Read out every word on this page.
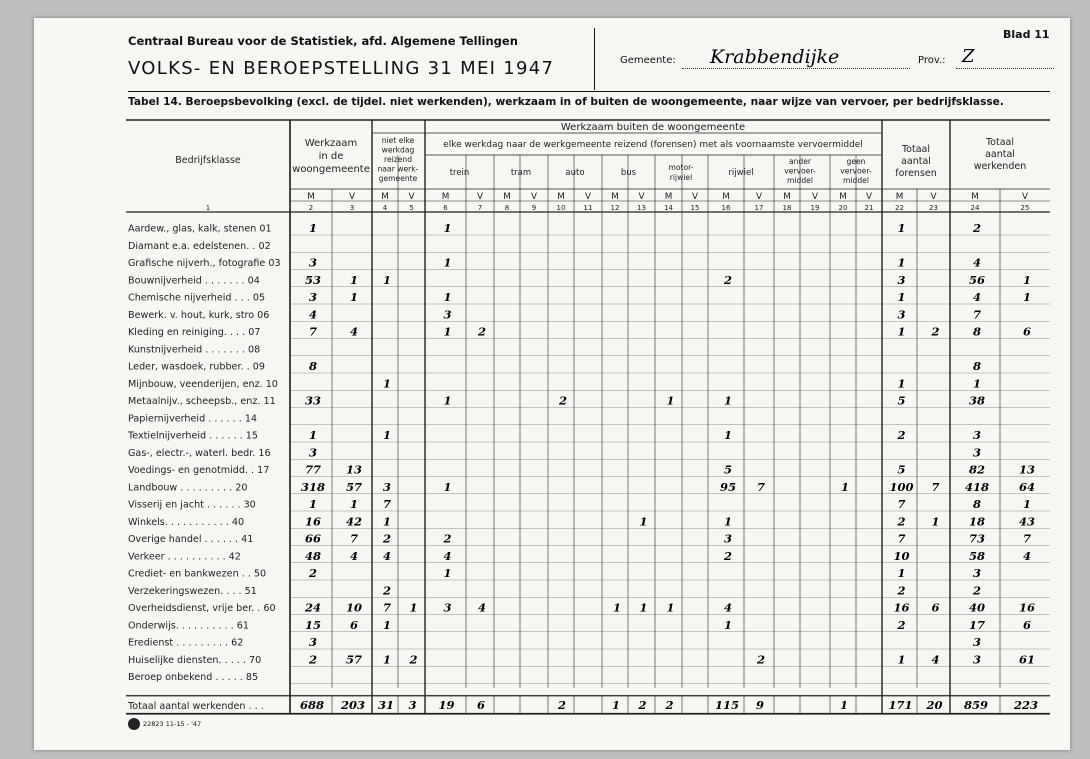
Centraal Bureau voor de Statistiek, afd. Algemene Tellingen
VOLKS- EN BEROEPSTELLING 31 MEI 1947	Gemeente: Krabbendijke	Prov.: Z
Blad 11
Tabel 14. Beroepsbevolking (excl. de tijdel. niet werkenden), werkzaam in of buiten de woongemeente, naar wijze van vervoer, per bedrijfsklasse.
22823 11-15 - '47
Bedrijfsklasse
Werkzaam
in de
woongemeente
Werkzaam buiten de woongemeente
niet elke
werkdag
reizend
naar werk-
gemeente
elke werkdag naar de werkgemeente reizend (forensen) met als voornaamste vervoermiddel
trein	tram	auto	bus
motor-
rijwiel	rijwiel
ander
vervoer-
middel
geen
vervoer-
middel
Totaal
aantal
forensen
Totaal
aantal
werkenden
M
2
V
3
M
4
V
5
M
6
V
7
M
8
V
9
M
10
V
11
M
12
V
13
M
14
V
15
M
16
V
17
M
18
V
19
M
20
V
21
M
22
V
23
M
24
V
25
1
Aardew., glas, kalk, stenen 01	1	1	1	2
Diamant e.a. edelstenen. . 02
Grafische nijverh., fotografie 03 3	1	1	4
Bouwnijverheid . . . . . . . 04	53	1 1	2	3	56	1
Chemische nijverheid . . . 05	3	1	1	1	4	1
Bewerk. v. hout, kurk, stro 06	4	3	3	7
Kleding en reiniging. . . . 07	7	4	1 2	1 2	8	6
Kunstnijverheid . . . . . . . 08
Leder, wasdoek, rubber. . 09	8	8
Mijnbouw, veenderijen, enz. 10	1	1	1
Metaalnijv., scheepsb., enz. 11	33	1	2	1	1	5	38
Papiernijverheid . . . . . . 14
Textielnijverheid . . . . . . 15	1	1	1	2	3
Gas-, electr.-, waterl. bedr. 16	3	3
Voedings- en genotmidd. . 17	77 13	5	5	82	13
Landbouw . . . . . . . . . 20	318 57 3	1	95 7	1	100 7 418	64
Visserij en jacht . . . . . . 30	1	1 7	7	8	1
Winkels. . . . . . . . . . . 40	16 42 1	1	1	2 1	18	43
Overige handel . . . . . . 41	66	7 2	2	3	7	73	7
Verkeer . . . . . . . . . . 42	48	4 4	4	2	10	58	4
Crediet- en bankwezen . . 50	2	1	1	3
Verzekeringswezen. . . . 51	2	2	2
Overheidsdienst, vrije ber. . 60	24 10 7 1 3 4	1 1 1	4	16 6	40	16
Onderwijs. . . . . . . . . . 61	15	6 1	1	2	17	6
Eredienst . . . . . . . . . 62	3	3
Huiselijke diensten. . . . . 70	2	57 1 2	2	1 4	3	61
Beroep onbekend . . . . . 85
Totaal aantal werkenden . . .	688 203 31 3 19 6	2	1 2 2	115 9	1	171 20 859 223
